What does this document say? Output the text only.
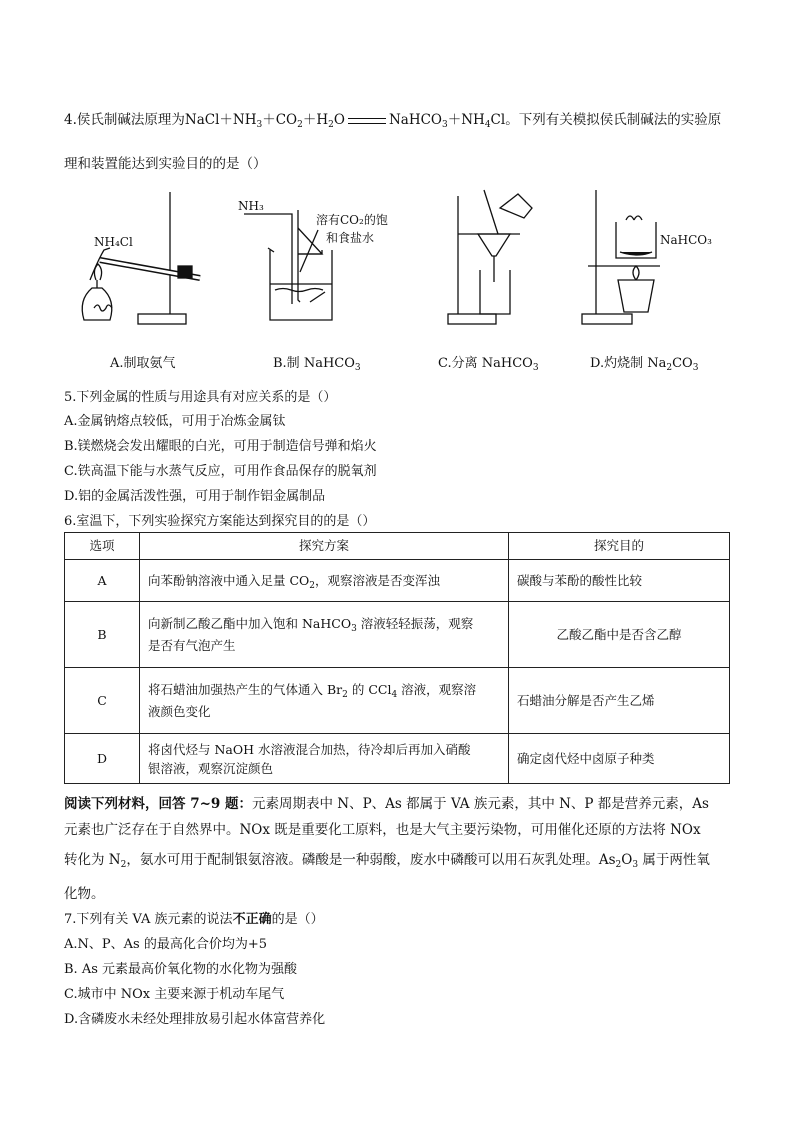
4.侯氏制碱法原理为$NaCl+NH_3+CO_2+H_2O$	$NaHCO_3+NH_4Cl$。下列有关模拟侯氏制碱法的实验原
理和装置能达到实验目的的是（）
NH₄Cl
NH₃
溶有CO₂的饱
和食盐水	NaHCO₃
A.制取氨气	B.制 NaHCO$_3$	C.分离 NaHCO$_3$	D.灼烧制 $Na_2CO_3$
5.下列金属的性质与用途具有对应关系的是（）
A.金属钠熔点较低，可用于冶炼金属钛
B.镁燃烧会发出耀眼的白光，可用于制造信号弹和焰火
C.铁高温下能与水蒸气反应，可用作食品保存的脱氧剂
D.铝的金属活泼性强，可用于制作铝金属制品
6.室温下，下列实验探究方案能达到探究目的的是（）
选项	探究方案	探究目的
A	向苯酚钠溶液中通入足量 $CO_2$，观察溶液是否变浑浊	碳酸与苯酚的酸性比较
B	向新制乙酸乙酯中加入饱和 NaHCO$_3$ 溶液轻轻振荡，观察
是否有气泡产生	乙酸乙酯中是否含乙醇
C	将石蜡油加强热产生的气体通入 $Br_2$ 的 CCl$_4$ 溶液，观察溶
液颜色变化	石蜡油分解是否产生乙烯
D	将卤代烃与 NaOH 水溶液混合加热，待冷却后再加入硝酸
银溶液，观察沉淀颜色	确定卤代烃中卤原子种类
阅读下列材料，回答 7~9 题：元素周期表中 N、P、As 都属于 VA 族元素，其中 N、P 都是营养元素，As
元素也广泛存在于自然界中。NOx 既是重要化工原料，也是大气主要污染物，可用催化还原的方法将 NOx
转化为 $N_2$，氨水可用于配制银氨溶液。磷酸是一种弱酸，废水中磷酸可以用石灰乳处理。$As_2O_3$ 属于两性氧
化物。
7.下列有关 VA 族元素的说法不正确的是（）
A.N、P、As 的最高化合价均为+5
B. As 元素最高价氧化物的水化物为强酸
C.城市中 NOx 主要来源于机动车尾气
D.含磷废水未经处理排放易引起水体富营养化
